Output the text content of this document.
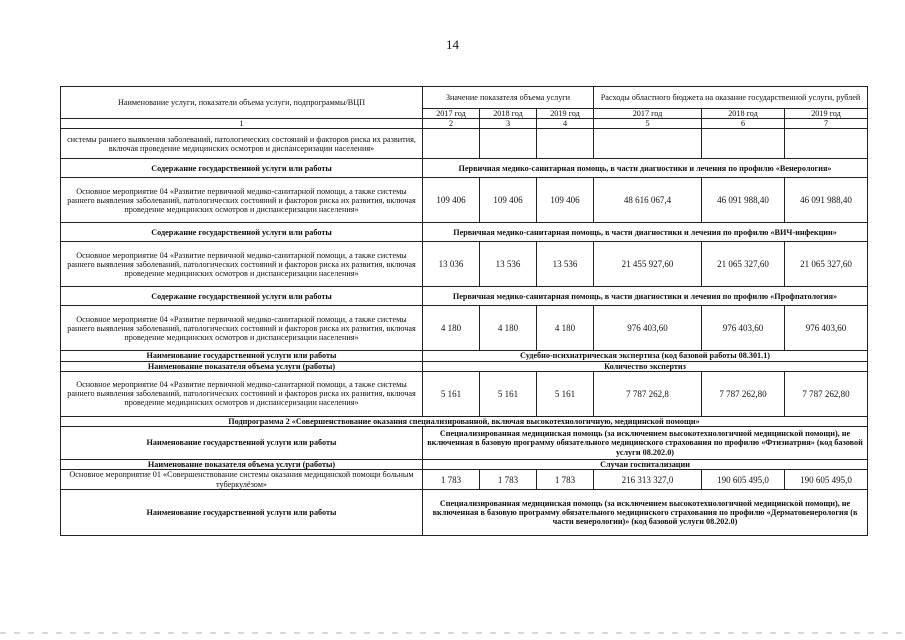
14
Наименование услуги, показатели объема услуги, подпрограммы/ВЦП	Значение показателя объема услуги			Расходы областного бюджета на оказание государственной услуги, рублей		
	2017 год	2018 год	2019 год	2017 год	2018 год	2019 год
1	2	3	4	5	6	7
системы раннего выявления заболеваний, патологических состояний и факторов риска их развития, включая проведение медицинских осмотров и диспансеризации населения»						
Содержание государственной услуги или работы	Первичная медико-санитарная помощь, в части диагностики и лечения по профилю «Венерология»					
Основное мероприятие 04 «Развитие первичной медико-санитарной помощи, а также системы раннего выявления заболеваний, патологических состояний и факторов риска их развития, включая проведение медицинских осмотров и диспансеризации населения»	109 406	109 406	109 406	48 616 067,4	46 091 988,40	46 091 988,40
Содержание государственной услуги или работы	Первичная медико-санитарная помощь, в части диагностики и лечения по профилю «ВИЧ-инфекции»					
Основное мероприятие 04 «Развитие первичной медико-санитарной помощи, а также системы раннего выявления заболеваний, патологических состояний и факторов риска их развития, включая проведение медицинских осмотров и диспансеризации населения»	13 036	13 536	13 536	21 455 927,60	21 065 327,60	21 065 327,60
Содержание государственной услуги или работы	Первичная медико-санитарная помощь, в части диагностики и лечения по профилю «Профпатология»					
Основное мероприятие 04 «Развитие первичной медико-санитарной помощи, а также системы раннего выявления заболеваний, патологических состояний и факторов риска их развития, включая проведение медицинских осмотров и диспансеризации населения»	4 180	4 180	4 180	976 403,60	976 403,60	976 403,60
Наименование государственной услуги или работы	Судебно-психиатрическая экспертиза (код базовой работы 08.301.1)					
Наименование показателя объема услуги (работы)	Количество экспертиз					
Основное мероприятие 04 «Развитие первичной медико-санитарной помощи, а также системы раннего выявления заболеваний, патологических состояний и факторов риска их развития, включая проведение медицинских осмотров и диспансеризации населения»	5 161	5 161	5 161	7 787 262,8	7 787 262,80	7 787 262,80
Подпрограмма 2 «Совершенствование оказания специализированной, включая высокотехнологичную, медицинской помощи»						
Наименование государственной услуги или работы	Специализированная медицинская помощь (за исключением высокотехнологичной медицинской помощи), не включенная в базовую программу обязательного медицинского страхования по профилю «Фтизиатрия» (код базовой услуги 08.202.0)					
Наименование показателя объема услуги (работы)	Случаи госпитализации					
Основное мероприятие 01 «Совершенствование системы оказания медицинской помощи больным туберкулёзом»	1 783	1 783	1 783	216 313 327,0	190 605 495,0	190 605 495,0
Наименование государственной услуги или работы	Специализированная медицинская помощь (за исключением высокотехнологичной медицинской помощи), не включенная в базовую программу обязательного медицинского страхования по профилю «Дерматовенерология (в части венерологии)» (код базовой услуги 08.202.0)					
